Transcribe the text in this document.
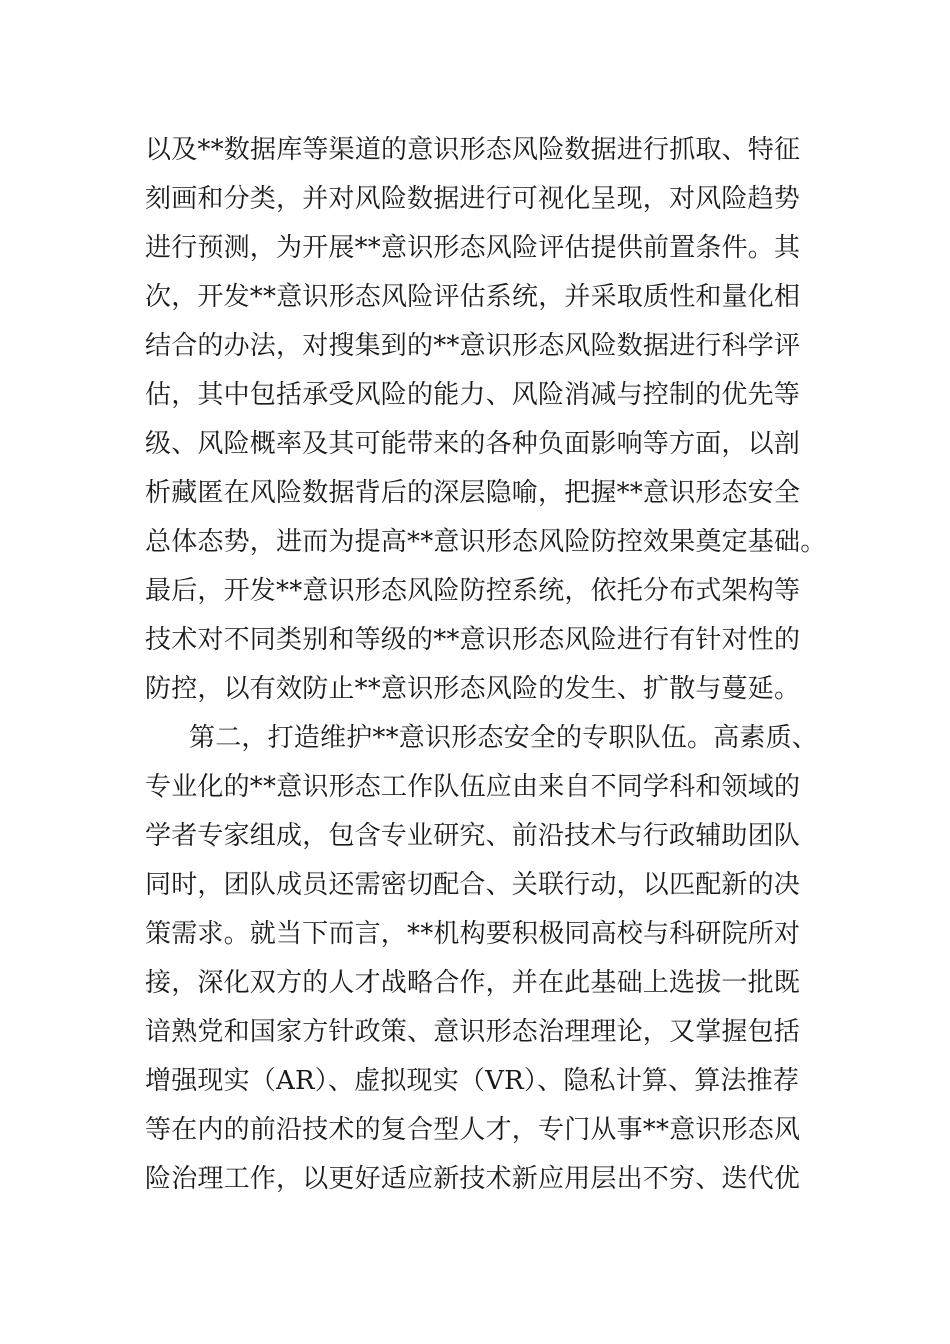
以及**数据库等渠道的意识形态风险数据进行抓取、特征
刻画和分类，并对风险数据进行可视化呈现，对风险趋势
进行预测，为开展**意识形态风险评估提供前置条件。其
次，开发**意识形态风险评估系统，并采取质性和量化相
结合的办法，对搜集到的**意识形态风险数据进行科学评
估，其中包括承受风险的能力、风险消减与控制的优先等
级、风险概率及其可能带来的各种负面影响等方面，以剖
析藏匿在风险数据背后的深层隐喻，把握**意识形态安全
总体态势，进而为提高**意识形态风险防控效果奠定基础。
最后，开发**意识形态风险防控系统，依托分布式架构等
技术对不同类别和等级的**意识形态风险进行有针对性的
防控，以有效防止**意识形态风险的发生、扩散与蔓延。
第二，打造维护**意识形态安全的专职队伍。高素质、
专业化的**意识形态工作队伍应由来自不同学科和领域的
学者专家组成，包含专业研究、前沿技术与行政辅助团队
同时，团队成员还需密切配合、关联行动，以匹配新的决
策需求。就当下而言，**机构要积极同高校与科研院所对
接，深化双方的人才战略合作，并在此基础上选拔一批既
谙熟党和国家方针政策、意识形态治理理论，又掌握包括
增强现实（AR）、虚拟现实（VR）、隐私计算、算法推荐
等在内的前沿技术的复合型人才，专门从事**意识形态风
险治理工作，以更好适应新技术新应用层出不穷、迭代优
